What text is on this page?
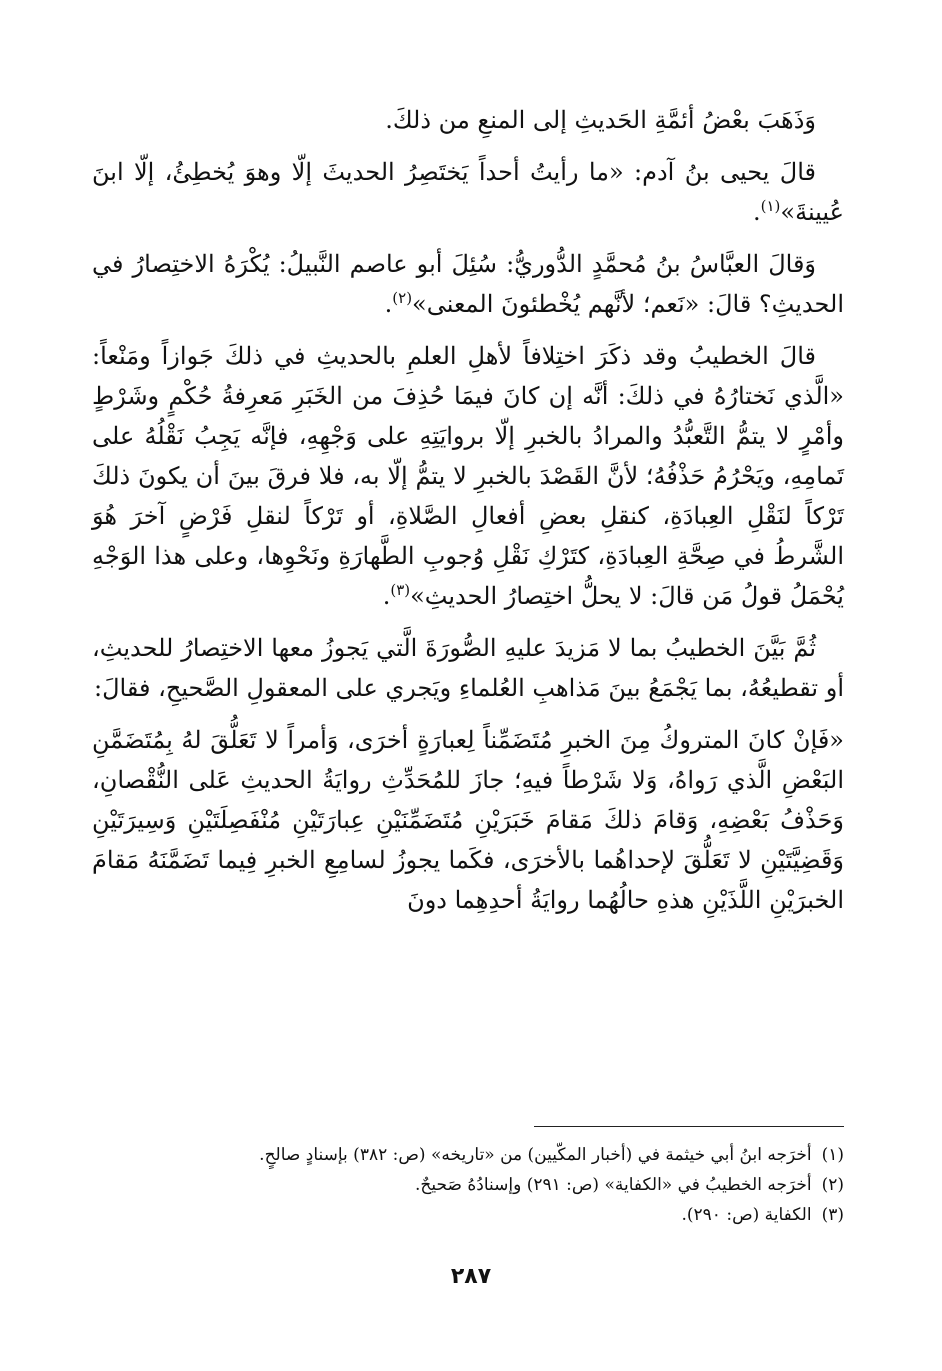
وَذَهَبَ بعْضُ أئمَّةِ الحَديثِ إلى المنعِ من ذلكَ.

قالَ يحيى بنُ آدم: «ما رأيتُ أحداً يَختَصِرُ الحديثَ إلّا وهوَ يُخطِئُ، إلّا ابنَ عُيينةَ»$^{(١)}$.

وَقالَ العبَّاسُ بنُ مُحمَّدٍ الدُّوريُّ: سُئِلَ أبو عاصم النَّبيلُ: يُكْرَهُ الاختِصارُ في الحديثِ؟ قالَ: «نَعم؛ لأنَّهم يُخْطئونَ المعنى»$^{(٢)}$.

قالَ الخطيبُ وقد ذكَرَ اختِلافاً لأهلِ العلمِ بالحديثِ في ذلكَ جَوازاً ومَنْعاً: «الَّذي نَختارُهُ في ذلكَ: أنَّه إن كانَ فيمَا حُذِفَ من الخَبَرِ مَعرِفةُ حُكْمٍ وشَرْطٍ وأمْرٍ لا يتمُّ التَّعبُّدُ والمرادُ بالخبرِ إلّا بروايَتِهِ على وَجْهِهِ، فإنَّه يَجِبُ نَقْلُهُ على تَمامِهِ، ويَحْرُمُ حَذْفُهُ؛ لأنَّ القَصْدَ بالخبرِ لا يتمُّ إلّا به، فلا فرقَ بينَ أن يكونَ ذلكَ تَرْكاً لنَقْلِ العِبادَةِ، كنقلِ بعضِ أفعالِ الصَّلاةِ، أو تَرْكاً لنقلِ فَرْضٍ آخرَ هُوَ الشَّرطُ في صِحَّةِ العِبادَةِ، كتَرْكِ نَقْلِ وُجوبِ الطَّهارَةِ ونَحْوِها، وعلى هذا الوَجْهِ يُحْمَلُ قولُ مَن قالَ: لا يحلُّ اختِصارُ الحديثِ»$^{(٣)}$.

ثُمَّ بَيَّنَ الخطيبُ بما لا مَزيدَ عليهِ الصُّورَةَ الَّتي يَجوزُ معها الاختِصارُ للحديثِ، أو تقطيعُهُ، بما يَجْمَعُ بينَ مَذاهبِ العُلماءِ ويَجري على المعقولِ الصَّحيحِ، فقالَ:

«فَإنْ كانَ المتروكُ مِنَ الخبرِ مُتَضَمِّناً لِعبارَةٍ أخرَى، وَأمراً لا تَعَلُّقَ لهُ بِمُتَضَمَّنِ البَعْضِ الَّذي رَواهُ، وَلا شَرْطاً فيهِ؛ جازَ للمُحَدِّثِ روايَةُ الحديثِ عَلى النُّقْصانِ، وَحَذْفُ بَعْضِهِ، وَقامَ ذلكَ مَقامَ خَبَرَيْنِ مُتَضَمِّنَيْنِ عِبارَتَيْنِ مُنْفَصِلَتَيْنِ وَسِيرَتَيْنِ وَقَضِيَّتَيْنِ لا تَعَلُّقَ لإحداهُما بالأخرَى، فكَما يجوزُ لسامِعِ الخبرِ فِيما تَضَمَّنَهُ مَقامَ الخبرَيْنِ اللَّذَيْنِ هذهِ حالُهُما روايَةُ أحدِهِما دونَ

(١)
أخرَجه ابنُ أبي خيثمة في (أخبار المكّيين) من «تاريخه» (ص: ٣٨٢) بإسنادٍ صالحٍ.
(٢)
أخرَجه الخطيبُ في «الكفاية» (ص: ٢٩١) وإسنادُهُ صَحيحٌ.
(٣)
الكفاية (ص: ٢٩٠).
٢٨٧
